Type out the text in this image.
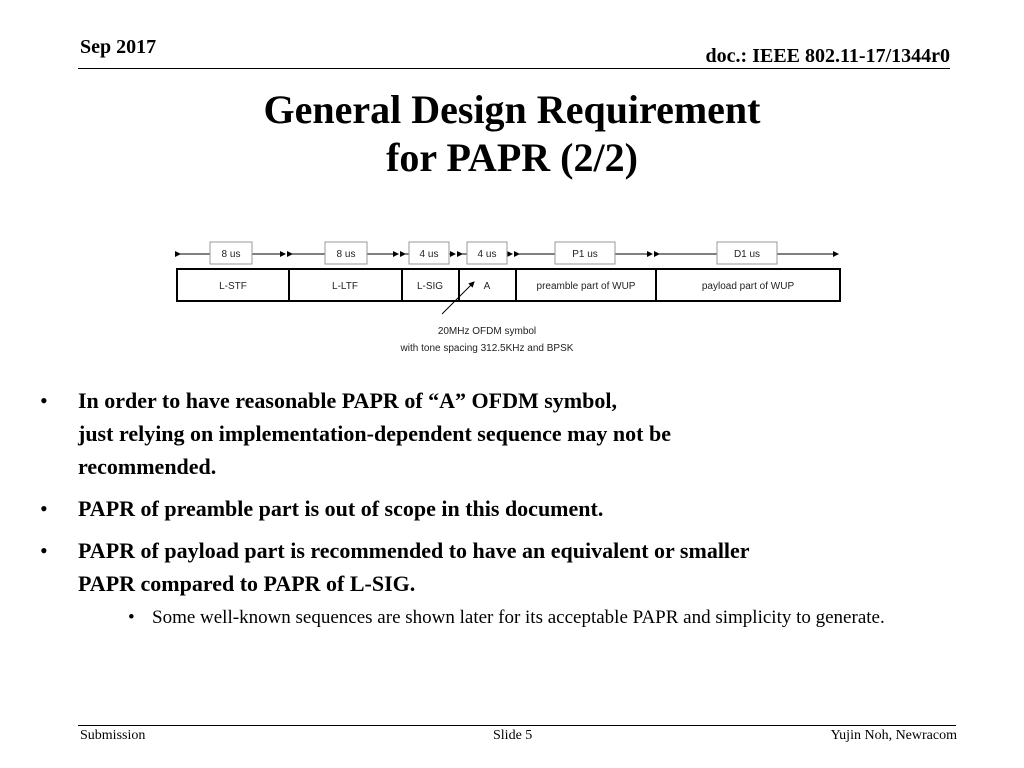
Sep 2017	doc.: IEEE 802.11-17/1344r0
General Design Requirement
for PAPR (2/2)
8 us	8 us	4 us	4 us	P1 us	D1 us
L-STF	L-LTF	L-SIG	A	preamble part of WUP	payload part of WUP
20MHz OFDM symbol
with tone spacing 312.5KHz and BPSK
• In order to have reasonable PAPR of “A” OFDM symbol,
just relying on implementation-dependent sequence may not be
recommended.
• PAPR of preamble part is out of scope in this document.
• PAPR of payload part is recommended to have an equivalent or smaller
PAPR compared to PAPR of L-SIG.
• Some well-known sequences are shown later for its acceptable PAPR and simplicity to generate.
Submission	Slide 5	Yujin Noh, Newracom
